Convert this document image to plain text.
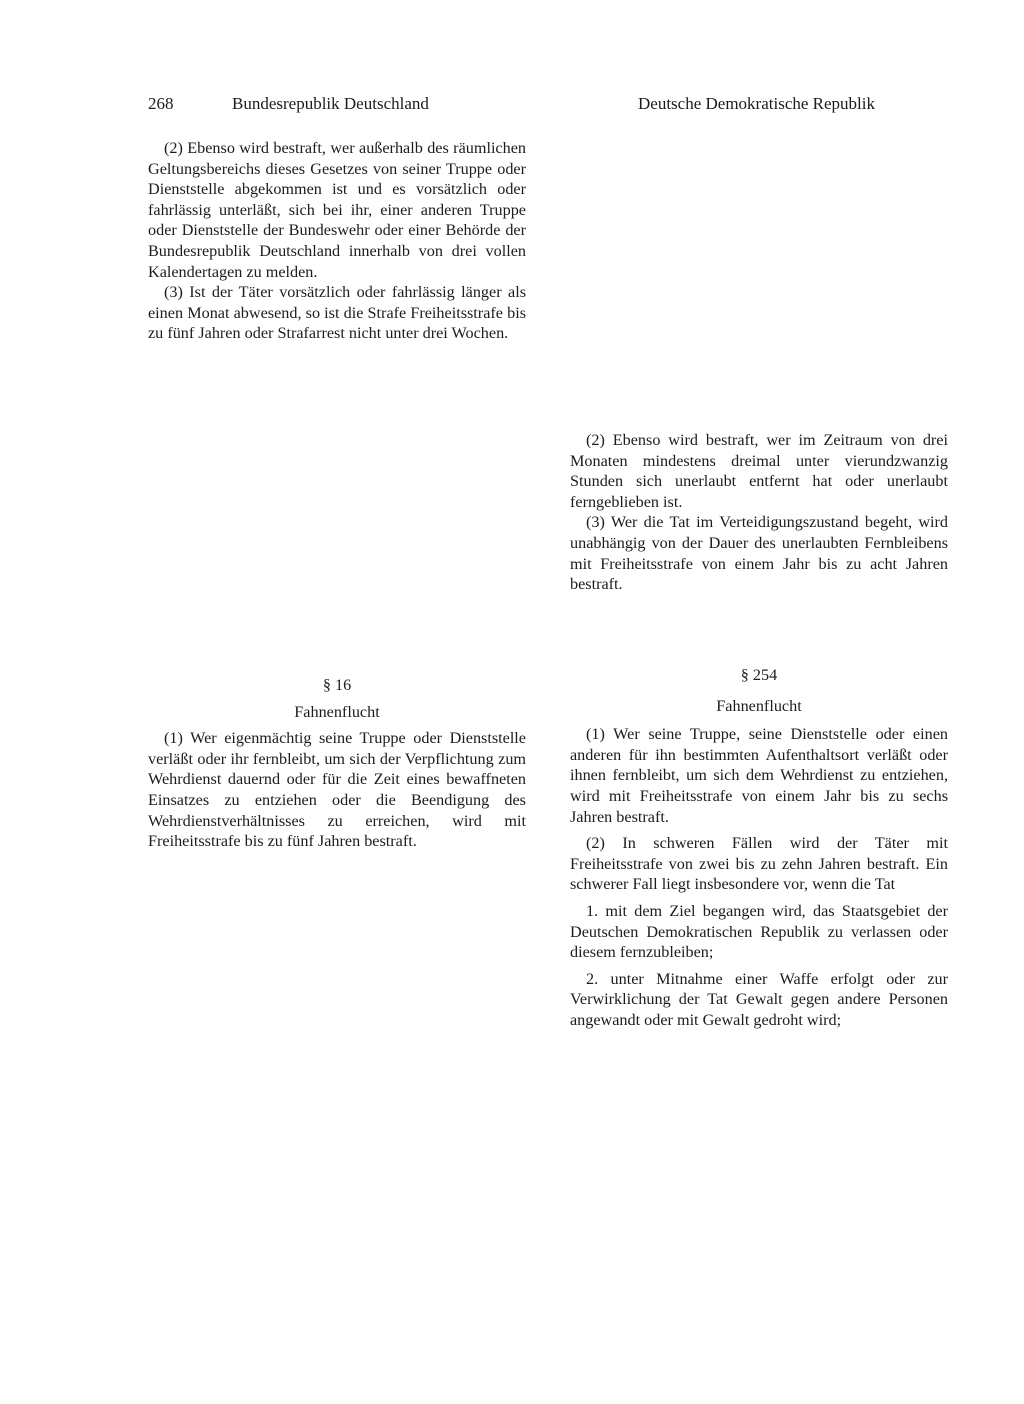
268	Bundesrepublik Deutschland	Deutsche Demokratische Republik

(2) Ebenso wird bestraft, wer außerhalb des räumlichen Geltungsbereichs dieses Gesetzes von seiner Truppe oder Dienststelle abgekommen ist und es vorsätzlich oder fahrlässig unterläßt, sich bei ihr, einer anderen Truppe oder Dienststelle der Bundeswehr oder einer Behörde der Bundesrepublik Deutschland innerhalb von drei vollen Kalendertagen zu melden.

(3) Ist der Täter vorsätzlich oder fahrlässig länger als einen Monat abwesend, so ist die Strafe Freiheitsstrafe bis zu fünf Jahren oder Strafarrest nicht unter drei Wochen.

(2) Ebenso wird bestraft, wer im Zeitraum von drei Monaten mindestens dreimal unter vierundzwanzig Stunden sich unerlaubt entfernt hat oder unerlaubt ferngeblieben ist.

(3) Wer die Tat im Verteidigungszustand begeht, wird unabhängig von der Dauer des unerlaubten Fernbleibens mit Freiheitsstrafe von einem Jahr bis zu acht Jahren bestraft.

§ 16

Fahnenflucht

(1) Wer eigenmächtig seine Truppe oder Dienststelle verläßt oder ihr fernbleibt, um sich der Verpflichtung zum Wehrdienst dauernd oder für die Zeit eines bewaffneten Einsatzes zu entziehen oder die Beendigung des Wehrdienstverhältnisses zu erreichen, wird mit Freiheitsstrafe bis zu fünf Jahren bestraft.

§ 254

Fahnenflucht

(1) Wer seine Truppe, seine Dienststelle oder einen anderen für ihn bestimmten Aufenthaltsort verläßt oder ihnen fernbleibt, um sich dem Wehrdienst zu entziehen, wird mit Freiheitsstrafe von einem Jahr bis zu sechs Jahren bestraft.

(2) In schweren Fällen wird der Täter mit Freiheitsstrafe von zwei bis zu zehn Jahren bestraft. Ein schwerer Fall liegt insbesondere vor, wenn die Tat

1. mit dem Ziel begangen wird, das Staatsgebiet der Deutschen Demokratischen Republik zu verlassen oder diesem fernzubleiben;

2. unter Mitnahme einer Waffe erfolgt oder zur Verwirklichung der Tat Gewalt gegen andere Personen angewandt oder mit Gewalt gedroht wird;
